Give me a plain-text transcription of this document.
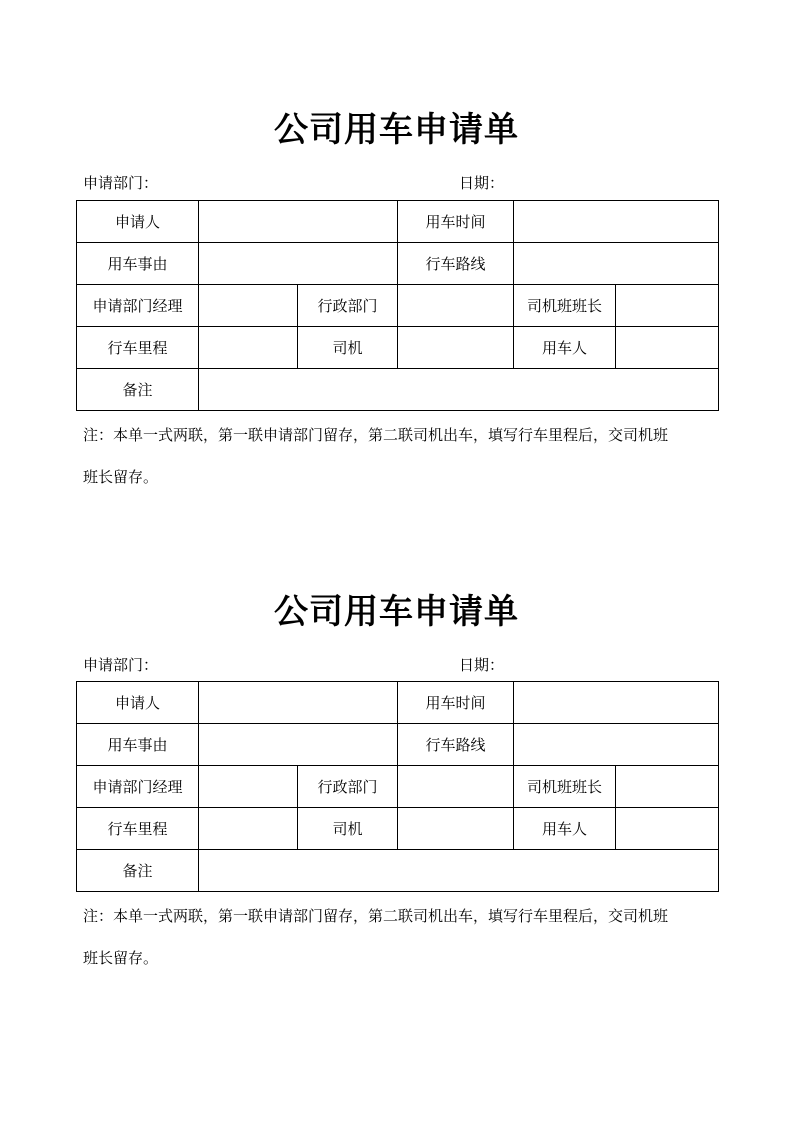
公司用车申请单
申请部门：	日期：
申请人			用车时间		
用车事由			行车路线		
申请部门经理		行政部门		司机班班长	
行车里程		司机		用车人	
备注					
注：本单一式两联，第一联申请部门留存，第二联司机出车，填写行车里程后，交司机班
班长留存。
公司用车申请单
申请部门：	日期：
申请人			用车时间		
用车事由			行车路线		
申请部门经理		行政部门		司机班班长	
行车里程		司机		用车人	
备注					
注：本单一式两联，第一联申请部门留存，第二联司机出车，填写行车里程后，交司机班
班长留存。
